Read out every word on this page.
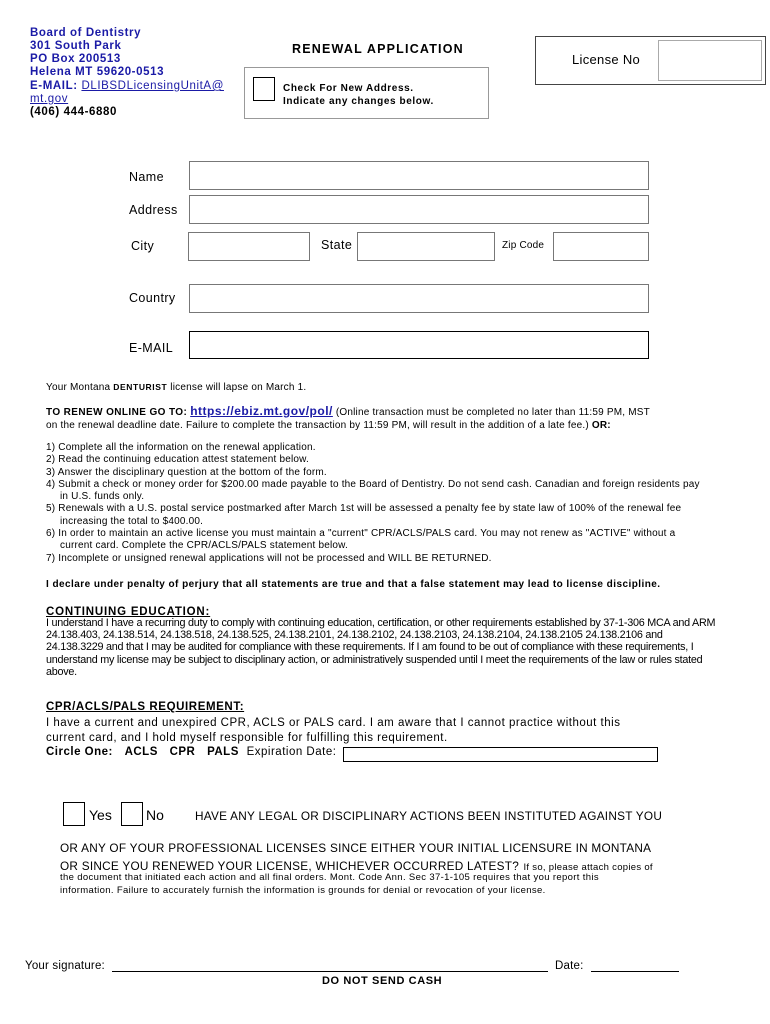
Board of Dentistry
301 South Park
PO Box 200513
Helena MT 59620-0513
E-MAIL: DLIBSDLicensingUnitA@
mt.gov
(406) 444-6880
RENEWAL APPLICATION
License No
Check For New Address.
Indicate any changes below.
Name
Address
City	State	Zip Code
Country
E-MAIL
Your Montana DENTURIST license will lapse on March 1.
TO RENEW ONLINE GO TO: https://ebiz.mt.gov/pol/ (Online transaction must be completed no later than 11:59 PM, MST
on the renewal deadline date. Failure to complete the transaction by 11:59 PM, will result in the addition of a late fee.) OR:
1) Complete all the information on the renewal application.
2) Read the continuing education attest statement below.
3) Answer the disciplinary question at the bottom of the form.
4) Submit a check or money order for $200.00 made payable to the Board of Dentistry. Do not send cash. Canadian and foreign residents pay in U.S. funds only.
5) Renewals with a U.S. postal service postmarked after March 1st will be assessed a penalty fee by state law of 100% of the renewal fee increasing the total to $400.00.
6) In order to maintain an active license you must maintain a "current" CPR/ACLS/PALS card. You may not renew as "ACTIVE" without a current card. Complete the CPR/ACLS/PALS statement below.
7) Incomplete or unsigned renewal applications will not be processed and WILL BE RETURNED.
I declare under penalty of perjury that all statements are true and that a false statement may lead to license discipline.
CONTINUING EDUCATION:
I understand I have a recurring duty to comply with continuing education, certification, or other requirements established by 37-1-306 MCA and ARM 24.138.403, 24.138.514, 24.138.518, 24.138.525, 24.138.2101, 24.138.2102, 24.138.2103, 24.138.2104, 24.138.2105 24.138.2106 and 24.138.3229 and that I may be audited for compliance with these requirements. If I am found to be out of compliance with these requirements, I understand my license may be subject to disciplinary action, or administratively suspended until I meet the requirements of the law or rules stated above.
CPR/ACLS/PALS REQUIREMENT:
I have a current and unexpired CPR, ACLS or PALS card. I am aware that I cannot practice without this
current card, and I hold myself responsible for fulfilling this requirement.
Circle One: ACLS CPR PALS Expiration Date:
Yes No	HAVE ANY LEGAL OR DISCIPLINARY ACTIONS BEEN INSTITUTED AGAINST YOU
OR ANY OF YOUR PROFESSIONAL LICENSES SINCE EITHER YOUR INITIAL LICENSURE IN MONTANA
OR SINCE YOU RENEWED YOUR LICENSE, WHICHEVER OCCURRED LATEST? If so, please attach copies of
the document that initiated each action and all final orders. Mont. Code Ann. Sec 37-1-105 requires that you report this
information. Failure to accurately furnish the information is grounds for denial or revocation of your license.
Your signature:	Date:
DO NOT SEND CASH
